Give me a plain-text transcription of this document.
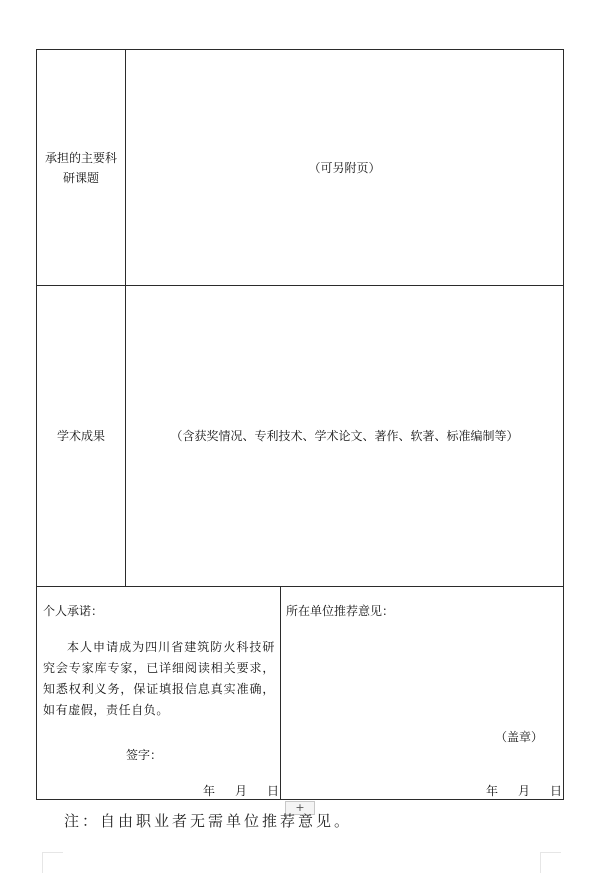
承担的主要科
研课题
（可另附页）
学术成果	（含获奖情况、专利技术、学术论文、著作、软著、标准编制等）
个人承诺：
本人申请成为四川省建筑防火科技研究会专家库专家，已详细阅读相关要求，知悉权利义务，保证填报信息真实准确，如有虚假，责任自负。
签字：
年 月 日
所在单位推荐意见：
（盖章）
年 月 日
+
注：自由职业者无需单位推荐意见。
